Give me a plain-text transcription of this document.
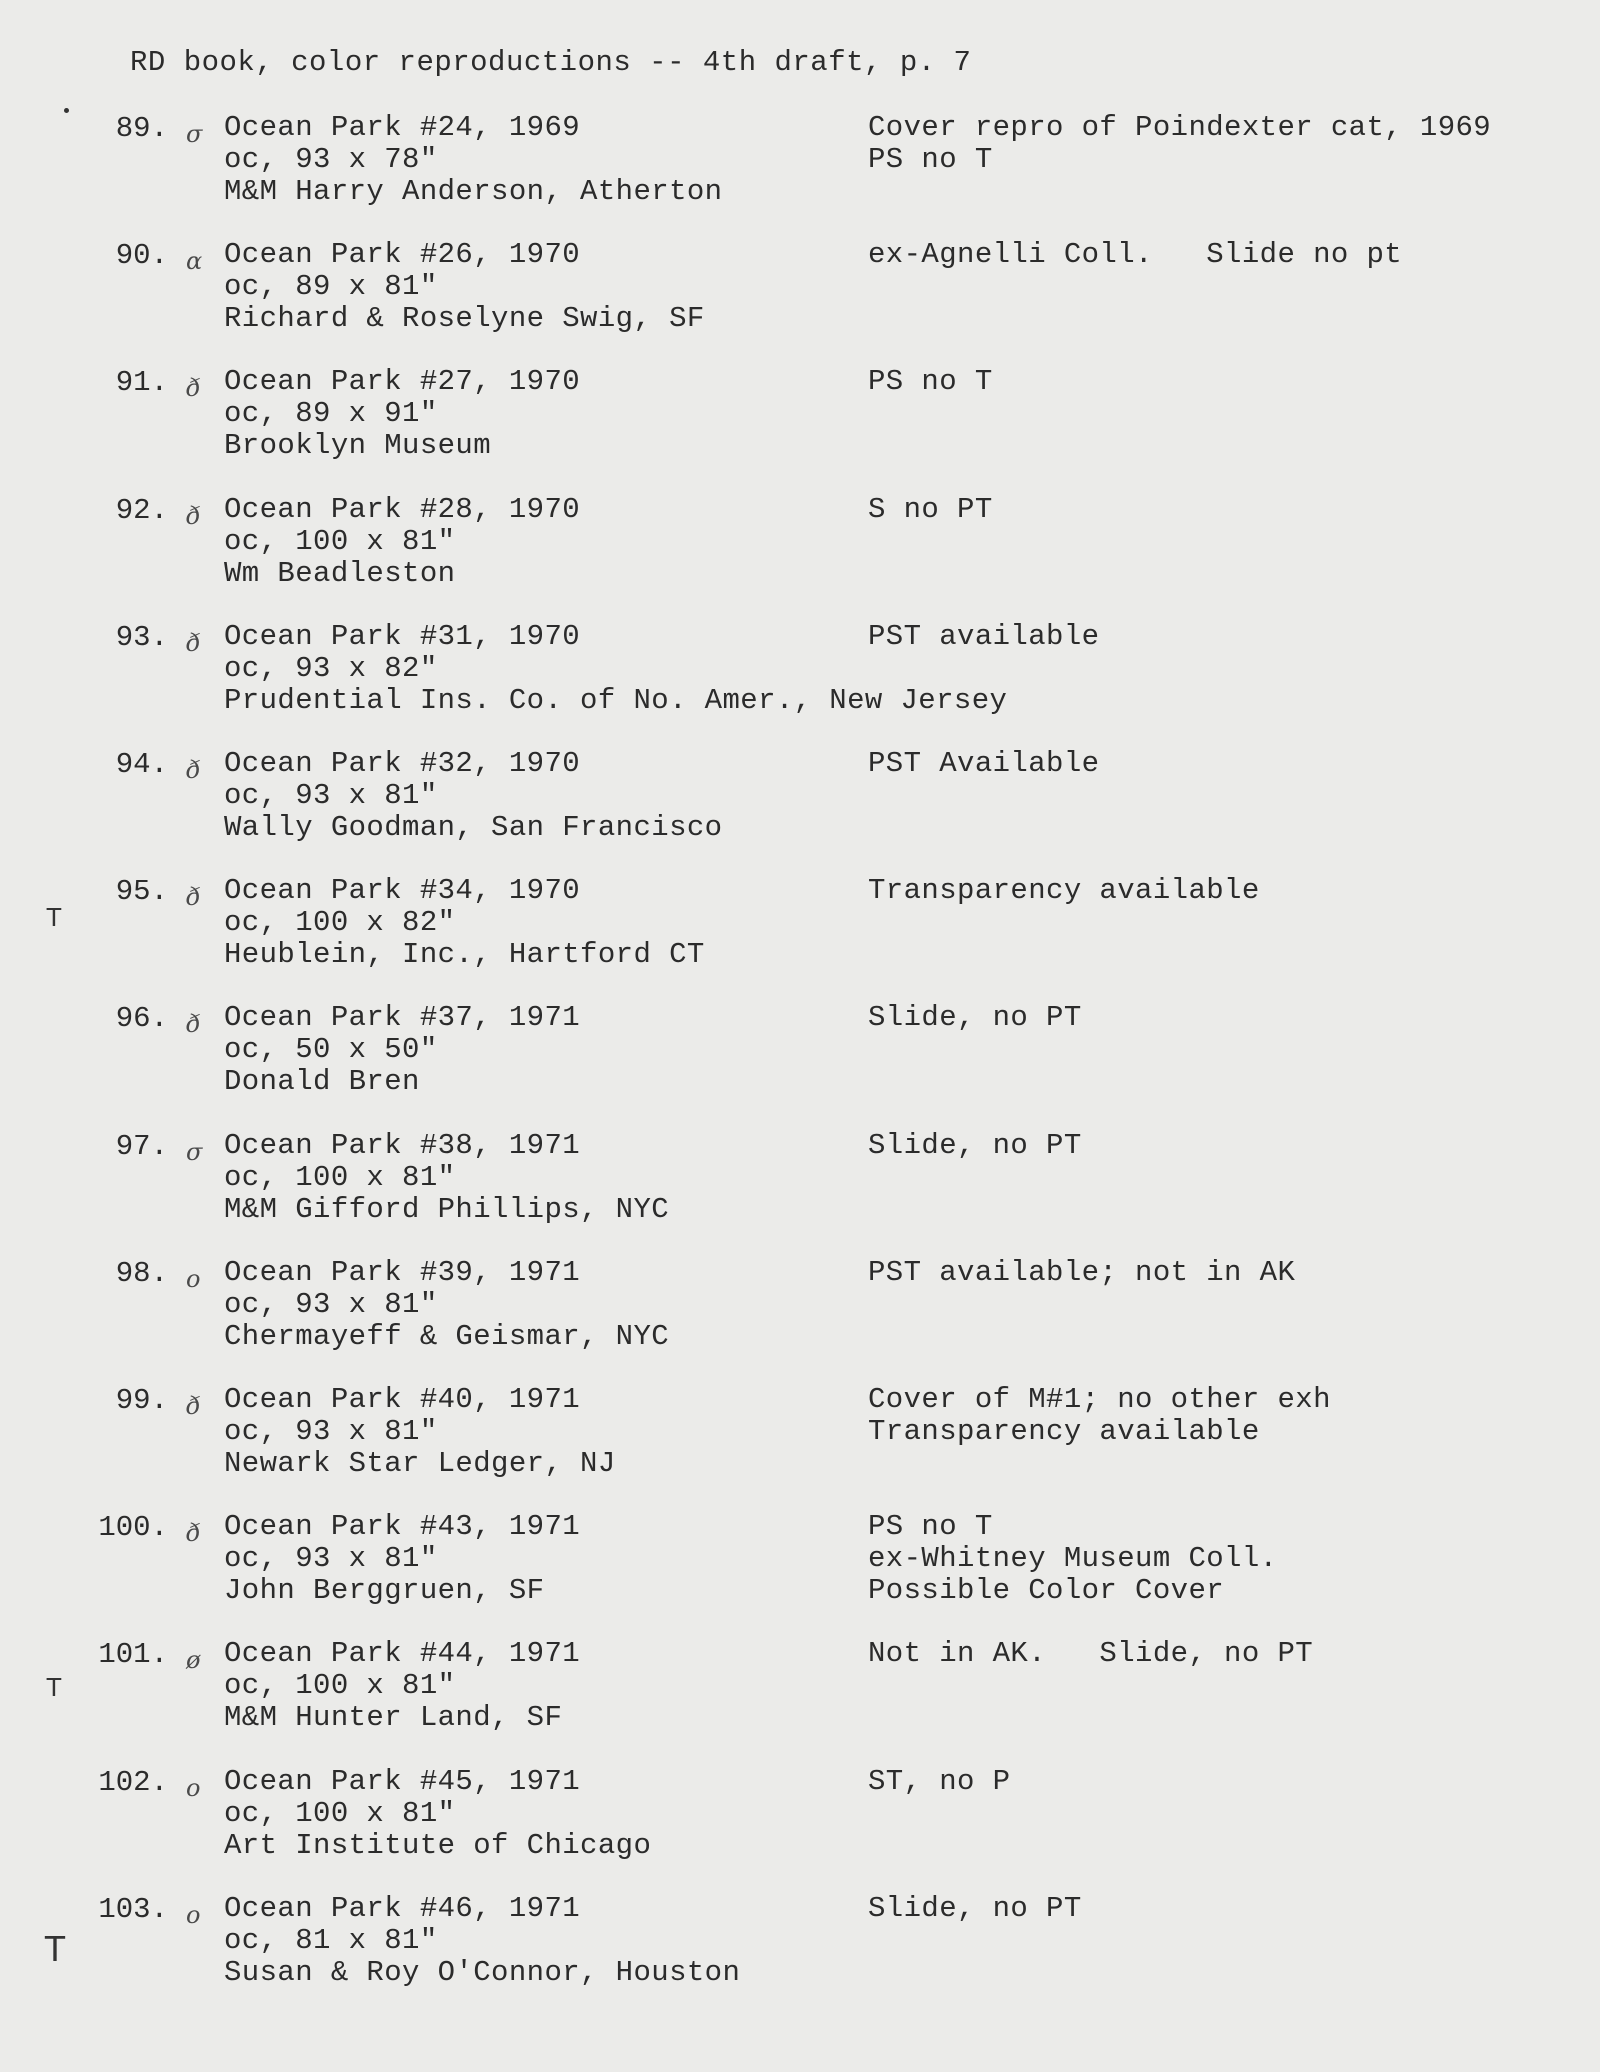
RD book, color reproductions -- 4th draft, p. 7
89. σ Ocean Park #24, 1969
oc, 93 x 78"
M&M Harry Anderson, Atherton
Cover repro of Poindexter cat, 1969
PS no T
90. α Ocean Park #26, 1970
oc, 89 x 81"
Richard & Roselyne Swig, SF
ex-Agnelli Coll.   Slide no pt
91. ð Ocean Park #27, 1970
oc, 89 x 91"
Brooklyn Museum
PS no T
92. ð Ocean Park #28, 1970
oc, 100 x 81"
Wm Beadleston
S no PT
93. ð Ocean Park #31, 1970
oc, 93 x 82"
Prudential Ins. Co. of No. Amer., New Jersey
PST available
94. ð Ocean Park #32, 1970
oc, 93 x 81"
Wally Goodman, San Francisco
PST Available
95. ð Ocean Park #34, 1970
oc, 100 x 82"
Heublein, Inc., Hartford CT
Transparency available
96. ð Ocean Park #37, 1971
oc, 50 x 50"
Donald Bren
Slide, no PT
97. σ Ocean Park #38, 1971
oc, 100 x 81"
M&M Gifford Phillips, NYC
Slide, no PT
98. ο Ocean Park #39, 1971
oc, 93 x 81"
Chermayeff & Geismar, NYC
PST available; not in AK
99. ð Ocean Park #40, 1971
oc, 93 x 81"
Newark Star Ledger, NJ
Cover of M#1; no other exh
Transparency available
100. ð Ocean Park #43, 1971
oc, 93 x 81"
John Berggruen, SF
PS no T
ex-Whitney Museum Coll.
Possible Color Cover
101. ø Ocean Park #44, 1971
oc, 100 x 81"
M&M Hunter Land, SF
Not in AK.   Slide, no PT
102. ο Ocean Park #45, 1971
oc, 100 x 81"
Art Institute of Chicago
ST, no P
103. ο Ocean Park #46, 1971
oc, 81 x 81"
Susan & Roy O'Connor, Houston
Slide, no PT
T
T
T
